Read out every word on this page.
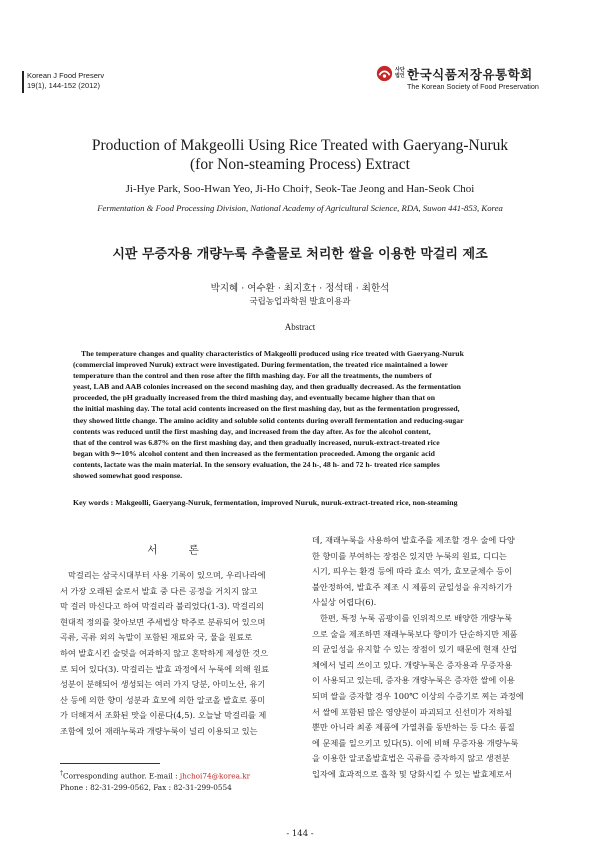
Korean J Food Preserv
19(1), 144-152 (2012)
사단법인 한국식품저장유통학회
The Korean Society of Food Preservation
Production of Makgeolli Using Rice Treated with Gaeryang-Nuruk
(for Non-steaming Process) Extract
Ji-Hye Park, Soo-Hwan Yeo, Ji-Ho Choi†, Seok-Tae Jeong and Han-Seok Choi
Fermentation & Food Processing Division, National Academy of Agricultural Science, RDA, Suwon 441-853, Korea
시판 무증자용 개량누룩 추출물로 처리한 쌀을 이용한 막걸리 제조
박지혜 · 여수환 · 최지호† · 정석태 · 최한석
국립농업과학원 발효이용과
Abstract
The temperature changes and quality characteristics of Makgeolli produced using rice treated with Gaeryang-Nuruk
(commercial improved Nuruk) extract were investigated. During fermentation, the treated rice maintained a lower
temperature than the control and then rose after the fifth mashing day. For all the treatments, the numbers of
yeast, LAB and AAB colonies increased on the second mashing day, and then gradually decreased. As the fermentation
proceeded, the pH gradually increased from the third mashing day, and eventually became higher than that on
the initial mashing day. The total acid contents increased on the first mashing day, but as the fermentation progressed,
they showed little change. The amino acidity and soluble solid contents during overall fermentation and reducing-sugar
contents was reduced until the first mashing day, and increased from the day after. As for the alcohol content,
that of the control was 6.87% on the first mashing day, and then gradually increased, nuruk-extract-treated rice
began with 9∼10% alcohol content and then increased as the fermentation proceeded. Among the organic acid
contents, lactate was the main material. In the sensory evaluation, the 24 h-, 48 h- and 72 h- treated rice samples
showed somewhat good response.
Key words : Makgeolli, Gaeryang-Nuruk, fermentation, improved Nuruk, nuruk-extract-treated rice, non-steaming
서 론
막걸리는 삼국시대부터 사용 기록이 있으며, 우리나라에
서 가장 오래된 술로서 발효 중 다른 공정을 거치지 않고
막 걸러 마신다고 하여 막걸리라 불리었다(1-3). 막걸리의
현대적 정의를 찾아보면 주세법상 탁주로 분류되어 있으며
곡류, 곡류 외의 녹말이 포함된 재료와 국, 물을 원료로
하여 발효시킨 술덧을 여과하지 않고 혼탁하게 제성한 것으
로 되어 있다(3). 막걸리는 발효 과정에서 누룩에 의해 원료
성분이 분해되어 생성되는 여러 가지 당분, 아미노산, 유기
산 등에 의한 향미 성분과 효모에 의한 알코올 발효로 풍미
가 더해져서 조화된 맛을 이룬다(4,5). 오늘날 막걸리를 제
조함에 있어 재래누룩과 개량누룩이 널리 이용되고 있는
데, 재래누룩을 사용하여 발효주를 제조할 경우 술에 다양
한 향미를 부여하는 장점은 있지만 누룩의 원료, 디디는
시기, 띄우는 환경 등에 따라 효소 역가, 효모균체수 등이
불안정하여, 발효주 제조 시 제품의 균일성을 유지하기가
사실상 어렵다(6).
한편, 특정 누룩 곰팡이를 인위적으로 배양한 개량누룩
으로 술을 제조하면 재래누룩보다 향미가 단순하지만 제품
의 균일성을 유지할 수 있는 장점이 있기 때문에 현재 산업
체에서 널리 쓰이고 있다. 개량누룩은 증자용과 무증자용
이 사용되고 있는데, 증자용 개량누룩은 증자한 쌀에 이용
되며 쌀을 증자할 경우 100℃ 이상의 수증기로 찌는 과정에
서 쌀에 포함된 많은 영양분이 파괴되고 신선미가 저하될
뿐만 아니라 최종 제품에 가열취를 동반하는 등 다소 품질
에 문제를 일으키고 있다(5). 이에 비해 무증자용 개량누룩
을 이용한 알코올발효법은 곡류를 증자하지 않고 생전분
입자에 효과적으로 흡착 및 당화시킬 수 있는 발효제로서
†Corresponding author. E-mail : jhchoi74@korea.kr
Phone : 82-31-299-0562, Fax : 82-31-299-0554
- 144 -
